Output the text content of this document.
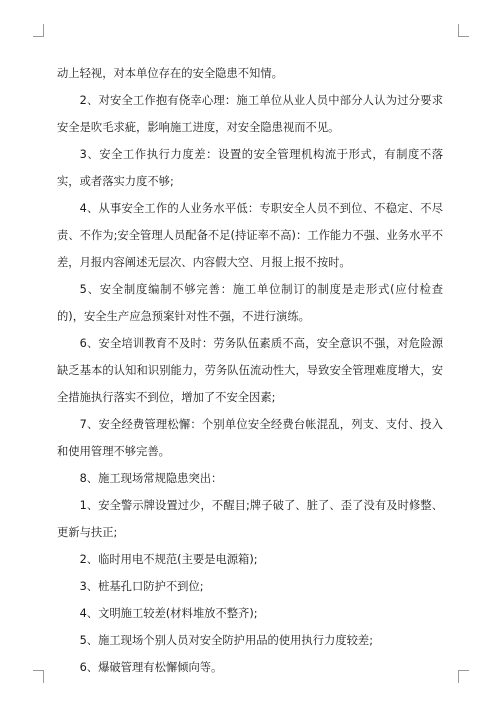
动上轻视，对本单位存在的安全隐患不知情。

2、对安全工作抱有侥幸心理：施工单位从业人员中部分人认为过分要求安全是吹毛求疵，影响施工进度，对安全隐患视而不见。

3、安全工作执行力度差：设置的安全管理机构流于形式，有制度不落实，或者落实力度不够;

4、从事安全工作的人业务水平低：专职安全人员不到位、不稳定、不尽责、不作为;安全管理人员配备不足(持证率不高)：工作能力不强、业务水平不差，月报内容阐述无层次、内容假大空、月报上报不按时。

5、安全制度编制不够完善：施工单位制订的制度是走形式(应付检查的)，安全生产应急预案针对性不强，不进行演练。

6、安全培训教育不及时：劳务队伍素质不高，安全意识不强，对危险源缺乏基本的认知和识别能力，劳务队伍流动性大，导致安全管理难度增大，安全措施执行落实不到位，增加了不安全因素;

7、安全经费管理松懈：个别单位安全经费台帐混乱，列支、支付、投入和使用管理不够完善。

8、施工现场常规隐患突出：

1、安全警示牌设置过少，不醒目;牌子破了、脏了、歪了没有及时修整、更新与扶正;

2、临时用电不规范(主要是电源箱);

3、桩基孔口防护不到位;

4、文明施工较差(材料堆放不整齐);

5、施工现场个别人员对安全防护用品的使用执行力度较差;

6、爆破管理有松懈倾向等。
